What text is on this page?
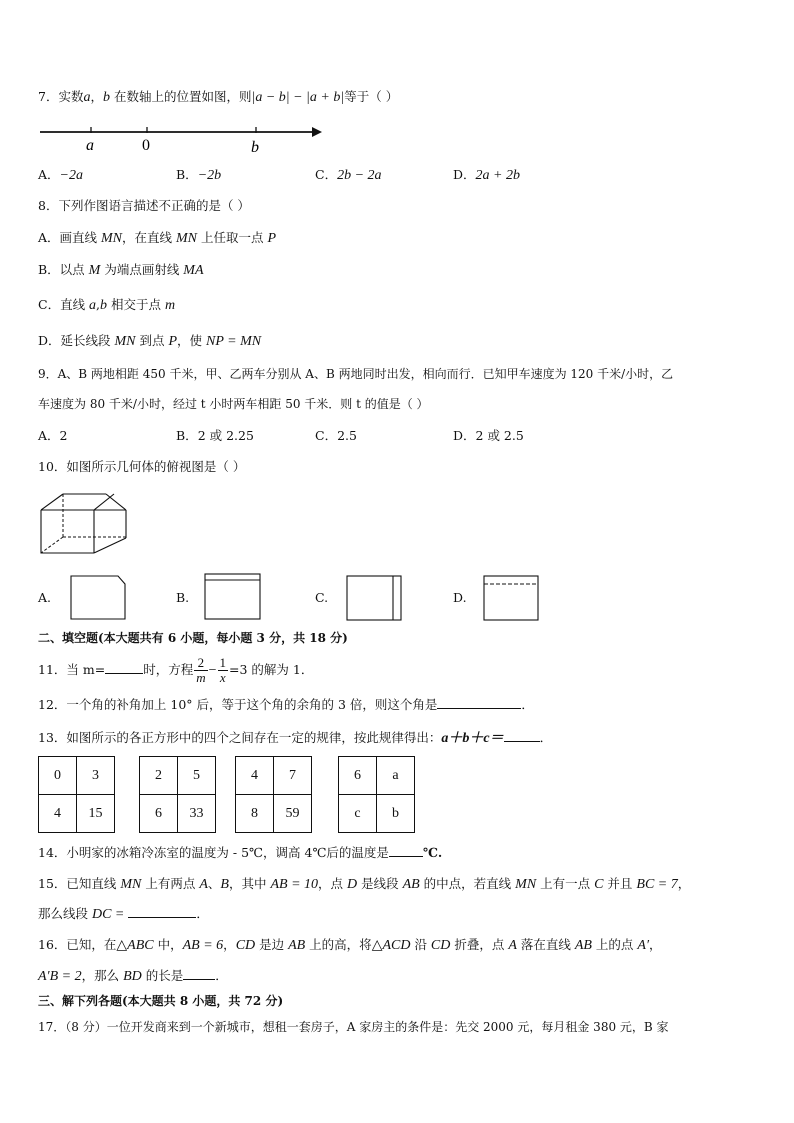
7．实数a，b 在数轴上的位置如图，则|a − b| − |a + b|等于（ ）
a	0	b
A．−2a	B．−2b	C．2b − 2a	D．2a + 2b
8．下列作图语言描述不正确的是（ ）
A．画直线 MN，在直线 MN 上任取一点 P
B．以点 M 为端点画射线 MA
C．直线 a,b 相交于点 m
D．延长线段 MN 到点 P，使 NP = MN
9．A、B 两地相距 450 千米，甲、乙两车分别从 A、B 两地同时出发，相向而行．已知甲车速度为 120 千米/小时，乙
车速度为 80 千米/小时，经过 t 小时两车相距 50 千米．则 t 的值是（ ）
A．2	B．2 或 2.25	C．2.5	D．2 或 2.5
10．如图所示几何体的俯视图是（ ）
A.	B.	C.	D.
二、填空题(本大题共有 6 小题，每小题 3 分，共 18 分)
11．当 m=	时，方程 $\frac{2}{m} - \frac{1}{x} =3$ 的解为 1．
12．一个角的补角加上 10° 后，等于这个角的余角的 3 倍，则这个角是	．
13．如图所示的各正方形中的四个之间存在一定的规律，按此规律得出：a＋b＋c＝	．
0	3
4	15
2	5
6	33
4	7
8	59
6	a
c	b
14．小明家的冰箱冷冻室的温度为 - 5℃，调高 4℃后的温度是	℃.
15．已知直线 MN 上有两点 A、B，其中 AB = 10，点 D 是线段 AB 的中点，若直线 MN 上有一点 C 并且 BC = 7，
那么线段 DC =	．
16．已知，在△ABC 中，AB = 6，CD 是边 AB 上的高，将△ACD 沿 CD 折叠，点 A 落在直线 AB 上的点 A′，
A′B = 2，那么 BD 的长是	．
三、解下列各题(本大题共 8 小题，共 72 分)
17．（8 分）一位开发商来到一个新城市，想租一套房子，A 家房主的条件是：先交 2000 元，每月租金 380 元，B 家
